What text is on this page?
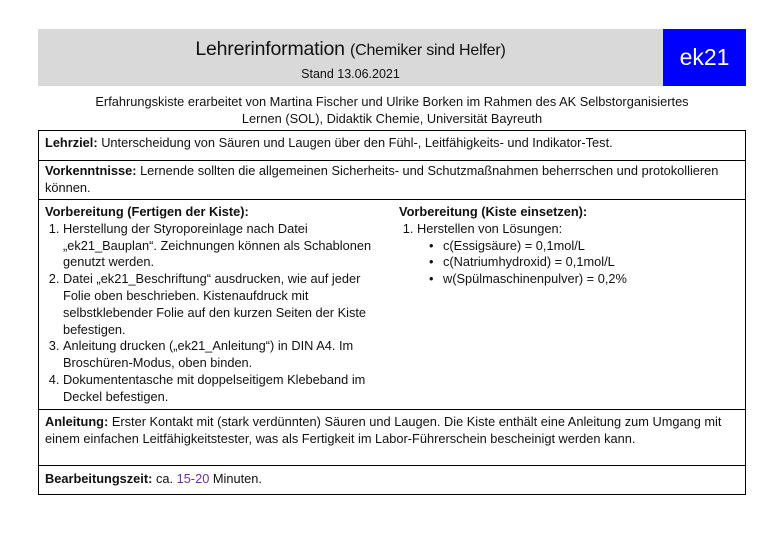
Lehrerinformation (Chemiker sind Helfer)
Stand 13.06.2021
ek21
Erfahrungskiste erarbeitet von Martina Fischer und Ulrike Borken im Rahmen des AK Selbstorganisiertes
Lernen (SOL), Didaktik Chemie, Universität Bayreuth
Lehrziel: Unterscheidung von Säuren und Laugen über den Fühl-, Leitfähigkeits- und Indikator-Test.
Vorkenntnisse: Lernende sollten die allgemeinen Sicherheits- und Schutzmaßnahmen beherrschen und protokollieren können.
Vorbereitung (Fertigen der Kiste):
1. Herstellung der Styroporeinlage nach Datei „ek21_Bauplan“. Zeichnungen können als Schablonen genutzt werden.
2. Datei „ek21_Beschriftung“ ausdrucken, wie auf jeder Folie oben beschrieben. Kistenaufdruck mit selbstklebender Folie auf den kurzen Seiten der Kiste befestigen.
3. Anleitung drucken („ek21_Anleitung“) in DIN A4. Im Broschüren-Modus, oben binden.
4. Dokumententasche mit doppelseitigem Klebeband im Deckel befestigen.
Vorbereitung (Kiste einsetzen):
1. Herstellen von Lösungen:
• c(Essigsäure) = 0,1mol/L
• c(Natriumhydroxid) = 0,1mol/L
• w(Spülmaschinenpulver) = 0,2%
Anleitung: Erster Kontakt mit (stark verdünnten) Säuren und Laugen. Die Kiste enthält eine Anleitung zum Umgang mit einem einfachen Leitfähigkeitstester, was als Fertigkeit im Labor-Führerschein bescheinigt werden kann.
Bearbeitungszeit: ca. 15-20 Minuten.
